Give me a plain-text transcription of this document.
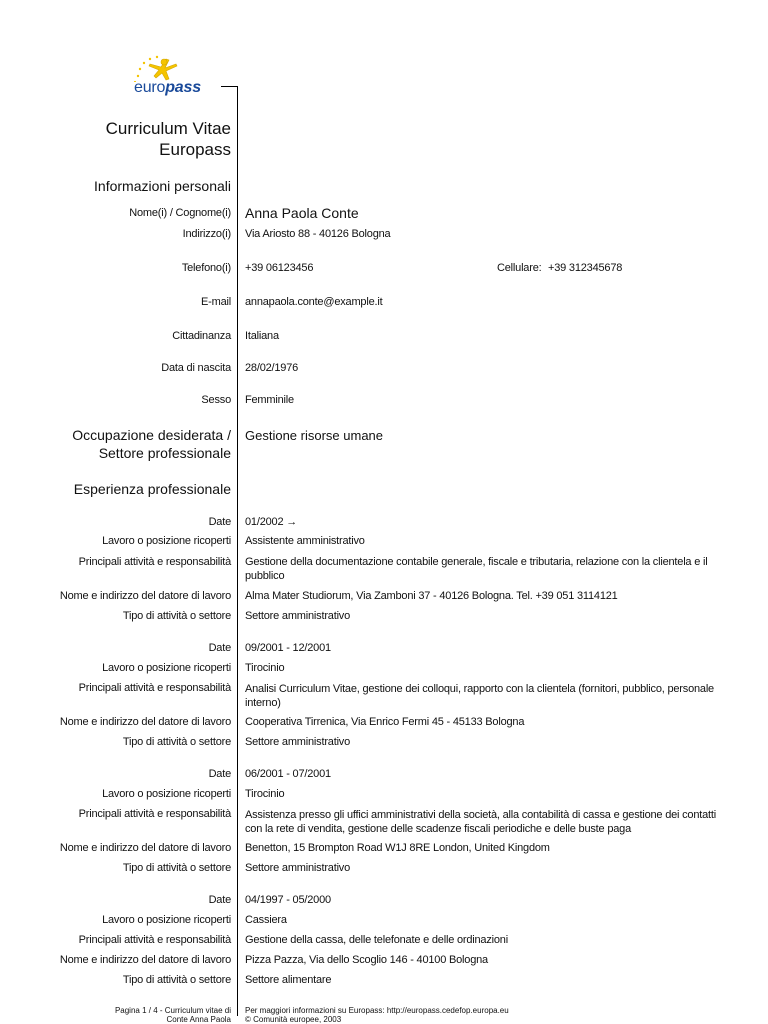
europass
Curriculum Vitae
Europass
Informazioni personali
Nome(i) / Cognome(i) Anna Paola Conte
Indirizzo(i) Via Ariosto 88 - 40126 Bologna
Telefono(i) +39 06123456	Cellulare: +39 312345678
E-mail annapaola.conte@example.it
Cittadinanza Italiana
Data di nascita 28/02/1976
Sesso Femminile
Occupazione desiderata /
Settore professionale
Gestione risorse umane
Esperienza professionale
Date 01/2002 →
Lavoro o posizione ricoperti Assistente amministrativo
Principali attività e responsabilità Gestione della documentazione contabile generale, fiscale e tributaria, relazione con la clientela e il pubblico
Nome e indirizzo del datore di lavoro Alma Mater Studiorum, Via Zamboni 37 - 40126 Bologna. Tel. +39 051 3114121
Tipo di attività o settore Settore amministrativo
Date 09/2001 - 12/2001
Lavoro o posizione ricoperti Tirocinio
Principali attività e responsabilità Analisi Curriculum Vitae, gestione dei colloqui, rapporto con la clientela (fornitori, pubblico, personale interno)
Nome e indirizzo del datore di lavoro Cooperativa Tirrenica, Via Enrico Fermi 45 - 45133 Bologna
Tipo di attività o settore Settore amministrativo
Date 06/2001 - 07/2001
Lavoro o posizione ricoperti Tirocinio
Principali attività e responsabilità Assistenza presso gli uffici amministrativi della società, alla contabilità di cassa e gestione dei contatti con la rete di vendita, gestione delle scadenze fiscali periodiche e delle buste paga
Nome e indirizzo del datore di lavoro Benetton, 15 Brompton Road W1J 8RE London, United Kingdom
Tipo di attività o settore Settore amministrativo
Date 04/1997 - 05/2000
Lavoro o posizione ricoperti Cassiera
Principali attività e responsabilità Gestione della cassa, delle telefonate e delle ordinazioni
Nome e indirizzo del datore di lavoro Pizza Pazza, Via dello Scoglio 146 - 40100 Bologna
Tipo di attività o settore Settore alimentare
Pagina 1 / 4 - Curriculum vitae di
Conte Anna Paola
Per maggiori informazioni su Europass: http://europass.cedefop.europa.eu
© Comunità europee, 2003
